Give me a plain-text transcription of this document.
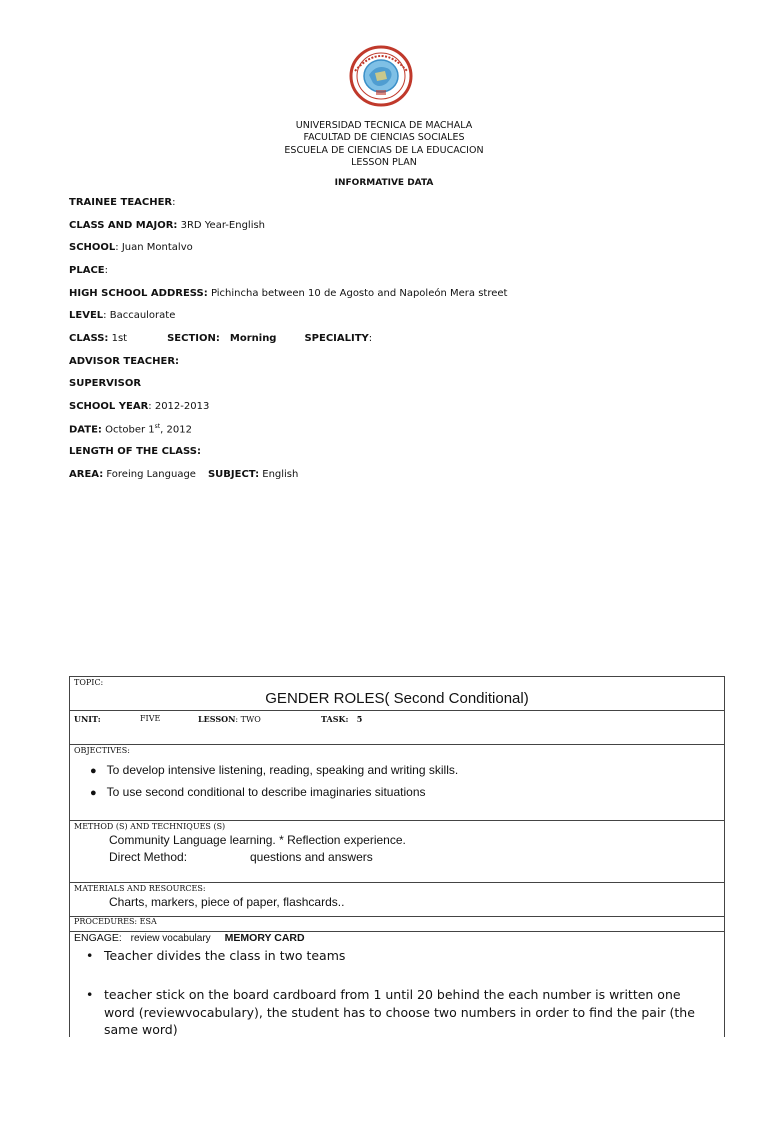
UNIVERSIDAD TECNICA DE MACHALA
FACULTAD DE CIENCIAS SOCIALES
ESCUELA DE CIENCIAS DE LA EDUCACION
LESSON PLAN
INFORMATIVE DATA
TRAINEE TEACHER:
CLASS AND MAJOR: 3RD Year-English
SCHOOL: Juan Montalvo
PLACE:
HIGH SCHOOL ADDRESS: Pichincha between 10 de Agosto and Napoleón Mera street
LEVEL: Baccaulorate
CLASS: 1st	SECTION: Morning	SPECIALITY:
ADVISOR TEACHER:
SUPERVISOR
SCHOOL YEAR: 2012-2013
DATE: October 1st, 2012
LENGTH OF THE CLASS:
AREA: Foreing Language SUBJECT: English
TOPIC:
GENDER ROLES( Second Conditional)
UNIT:	FIVE	LESSON: TWO	TASK: 5
OBJECTIVES:
● To develop intensive listening, reading, speaking and writing skills.
● To use second conditional to describe imaginaries situations
METHOD (S) AND TECHNIQUES (S)
Community Language learning. * Reflection experience.
Direct Method:	questions and answers
MATERIALS AND RESOURCES:
Charts, markers, piece of paper, flashcards..
PROCEDURES: ESA
ENGAGE: review vocabulary MEMORY CARD
• Teacher divides the class in two teams
• teacher stick on the board cardboard from 1 until 20 behind the each number is written one word (reviewvocabulary), the student has to choose two numbers in order to find the pair (the same word)
